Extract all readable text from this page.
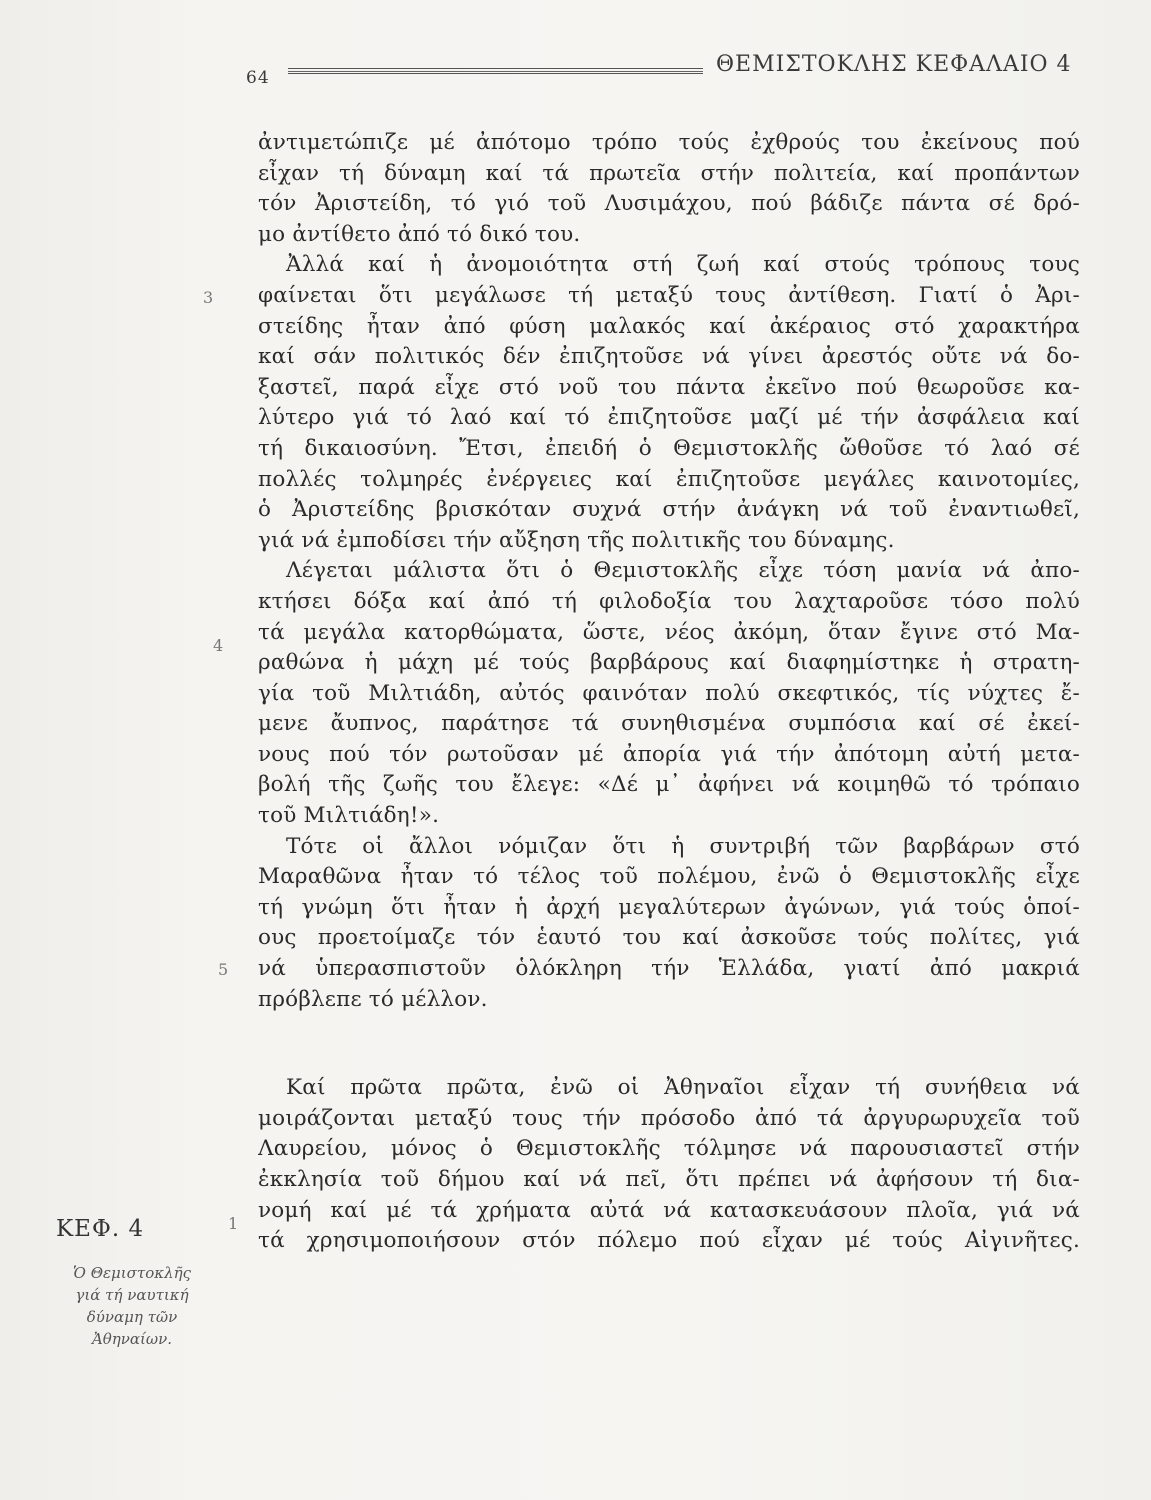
64
ΘΕΜΙΣΤΟΚΛΗΣ ΚΕΦΑΛΑΙΟ 4
3
4
5
1
ΚΕΦ. 4
Ὁ Θεμιστοκλῆς
γιά τή ναυτική
δύναμη τῶν
Ἀθηναίων.
ἀντιμετώπιζε μέ ἀπότομο τρόπο τούς ἐχθρούς του ἐκείνους πού
εἶχαν τή δύναμη καί τά πρωτεῖα στήν πολιτεία, καί προπάντων
τόν Ἀριστείδη, τό γιό τοῦ Λυσιμάχου, πού βάδιζε πάντα σέ δρό-
μο ἀντίθετο ἀπό τό δικό του.
Ἀλλά καί ἡ ἀνομοιότητα στή ζωή καί στούς τρόπους τους
φαίνεται ὅτι μεγάλωσε τή μεταξύ τους ἀντίθεση. Γιατί ὁ Ἀρι-
στείδης ἦταν ἀπό φύση μαλακός καί ἀκέραιος στό χαρακτήρα
καί σάν πολιτικός δέν ἐπιζητοῦσε νά γίνει ἀρεστός οὔτε νά δο-
ξαστεῖ, παρά εἶχε στό νοῦ του πάντα ἐκεῖνο πού θεωροῦσε κα-
λύτερο γιά τό λαό καί τό ἐπιζητοῦσε μαζί μέ τήν ἀσφάλεια καί
τή δικαιοσύνη. Ἔτσι, ἐπειδή ὁ Θεμιστοκλῆς ὤθοῦσε τό λαό σέ
πολλές τολμηρές ἐνέργειες καί ἐπιζητοῦσε μεγάλες καινοτομίες,
ὁ Ἀριστείδης βρισκόταν συχνά στήν ἀνάγκη νά τοῦ ἐναντιωθεῖ,
γιά νά ἐμποδίσει τήν αὔξηση τῆς πολιτικῆς του δύναμης.
Λέγεται μάλιστα ὅτι ὁ Θεμιστοκλῆς εἶχε τόση μανία νά ἀπο-
κτήσει δόξα καί ἀπό τή φιλοδοξία του λαχταροῦσε τόσο πολύ
τά μεγάλα κατορθώματα, ὥστε, νέος ἀκόμη, ὅταν ἔγινε στό Μα-
ραθώνα ἡ μάχη μέ τούς βαρβάρους καί διαφημίστηκε ἡ στρατη-
γία τοῦ Μιλτιάδη, αὐτός φαινόταν πολύ σκεφτικός, τίς νύχτες ἔ-
μενε ἄυπνος, παράτησε τά συνηθισμένα συμπόσια καί σέ ἐκεί-
νους πού τόν ρωτοῦσαν μέ ἀπορία γιά τήν ἀπότομη αὐτή μετα-
βολή τῆς ζωῆς του ἔλεγε: «Δέ μ᾽ ἀφήνει νά κοιμηθῶ τό τρόπαιο
τοῦ Μιλτιάδη!».
Τότε οἱ ἄλλοι νόμιζαν ὅτι ἡ συντριβή τῶν βαρβάρων στό
Μαραθῶνα ἦταν τό τέλος τοῦ πολέμου, ἐνῶ ὁ Θεμιστοκλῆς εἶχε
τή γνώμη ὅτι ἦταν ἡ ἀρχή μεγαλύτερων ἀγώνων, γιά τούς ὁποί-
ους προετοίμαζε τόν ἑαυτό του καί ἀσκοῦσε τούς πολίτες, γιά
νά ὑπερασπιστοῦν ὁλόκληρη τήν Ἑλλάδα, γιατί ἀπό μακριά
πρόβλεπε τό μέλλον.
Καί πρῶτα πρῶτα, ἐνῶ οἱ Ἀθηναῖοι εἶχαν τή συνήθεια νά
μοιράζονται μεταξύ τους τήν πρόσοδο ἀπό τά ἀργυρωρυχεῖα τοῦ
Λαυρείου, μόνος ὁ Θεμιστοκλῆς τόλμησε νά παρουσιαστεῖ στήν
ἐκκλησία τοῦ δήμου καί νά πεῖ, ὅτι πρέπει νά ἀφήσουν τή δια-
νομή καί μέ τά χρήματα αὐτά νά κατασκευάσουν πλοῖα, γιά νά
τά χρησιμοποιήσουν στόν πόλεμο πού εἶχαν μέ τούς Αἰγινῆτες.
